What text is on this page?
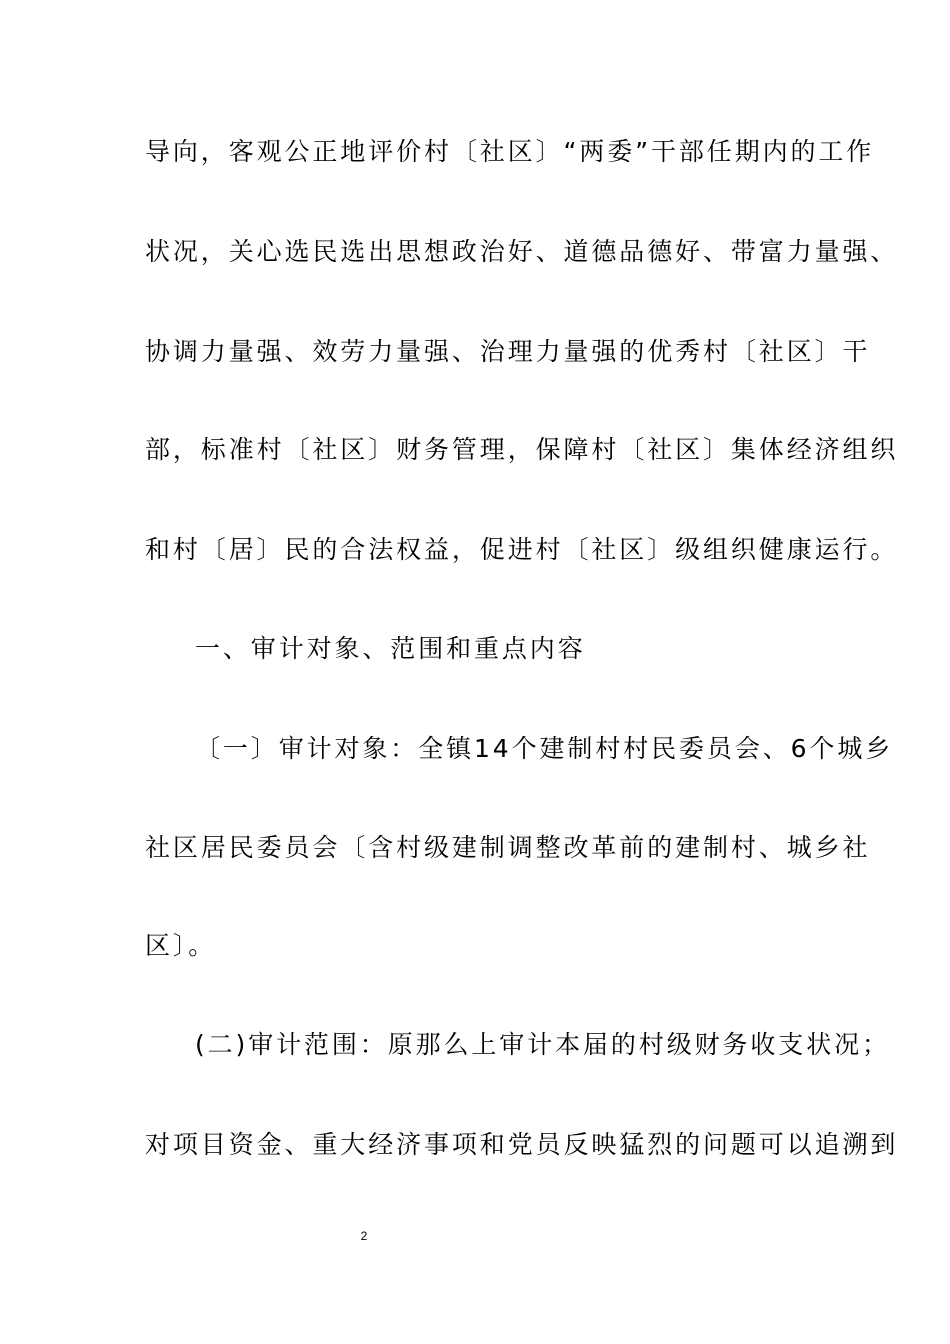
导向，客观公正地评价村〔社区〕“两委”干部任期内的工作
状况，关心选民选出思想政治好、道德品德好、带富力量强、
协调力量强、效劳力量强、治理力量强的优秀村〔社区〕干
部，标准村〔社区〕财务管理，保障村〔社区〕集体经济组织
和村〔居〕民的合法权益，促进村〔社区〕级组织健康运行。
一、审计对象、范围和重点内容
〔一〕审计对象：全镇14个建制村村民委员会、6个城乡
社区居民委员会〔含村级建制调整改革前的建制村、城乡社
区〕。
(二)审计范围：原那么上审计本届的村级财务收支状况；
对项目资金、重大经济事项和党员反映猛烈的问题可以追溯到
2
